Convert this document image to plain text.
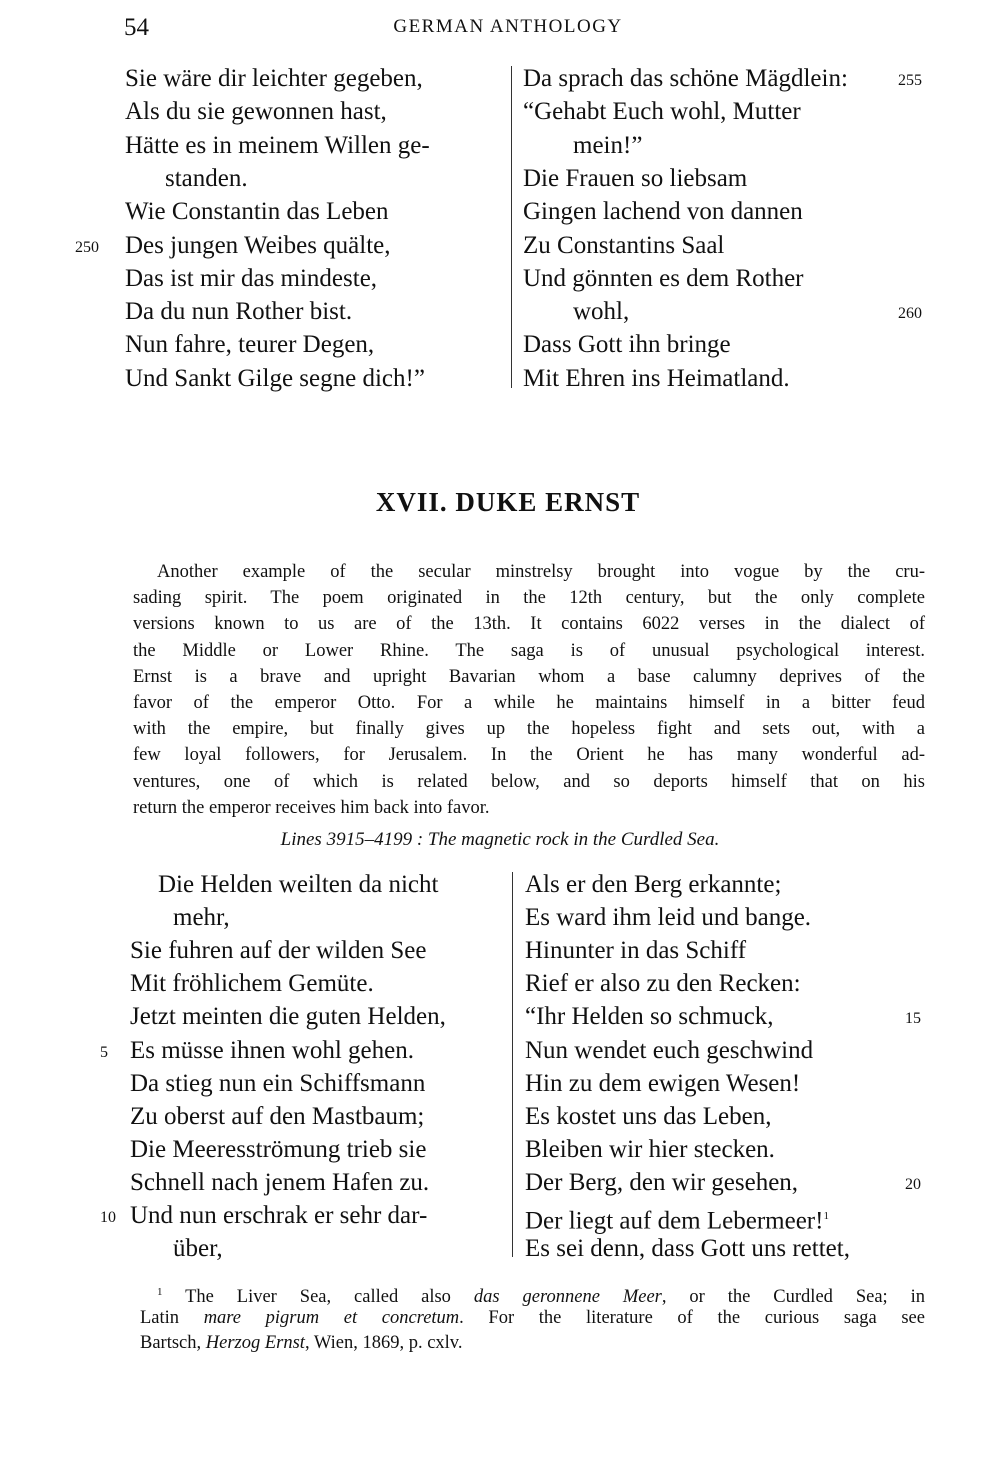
54	GERMAN ANTHOLOGY
Sie wäre dir leichter gegeben,
Als du sie gewonnen hast,
Hätte es in meinem Willen ge-
standen.
Wie Constantin das Leben
Des jungen Weibes quälte,
250
Das ist mir das mindeste,
Da du nun Rother bist.
Nun fahre, teurer Degen,
Und Sankt Gilge segne dich!”
Da sprach das schöne Mägdlein:	255
“Gehabt Euch wohl, Mutter
mein!”
Die Frauen so liebsam
Gingen lachend von dannen
Zu Constantins Saal
Und gönnten es dem Rother
wohl,	260
Dass Gott ihn bringe
Mit Ehren ins Heimatland.
XVII. DUKE ERNST
Another example of the secular minstrelsy brought into vogue by the cru-
sading spirit. The poem originated in the 12th century, but the only complete
versions known to us are of the 13th. It contains 6022 verses in the dialect of
the Middle or Lower Rhine. The saga is of unusual psychological interest.
Ernst is a brave and upright Bavarian whom a base calumny deprives of the
favor of the emperor Otto. For a while he maintains himself in a bitter feud
with the empire, but finally gives up the hopeless fight and sets out, with a
few loyal followers, for Jerusalem. In the Orient he has many wonderful ad-
ventures, one of which is related below, and so deports himself that on his
return the emperor receives him back into favor.
Lines 3915–4199 : The magnetic rock in the Curdled Sea.
Die Helden weilten da nicht
mehr,
Sie fuhren auf der wilden See
Mit fröhlichem Gemüte.
Jetzt meinten die guten Helden,
Es müsse ihnen wohl gehen.
5
Da stieg nun ein Schiffsmann
Zu oberst auf den Mastbaum;
Die Meeresströmung trieb sie
Schnell nach jenem Hafen zu.
Und nun erschrak er sehr dar-
10
über,
Als er den Berg erkannte;
Es ward ihm leid und bange.
Hinunter in das Schiff
Rief er also zu den Recken:
“Ihr Helden so schmuck,	15
Nun wendet euch geschwind
Hin zu dem ewigen Wesen!
Es kostet uns das Leben,
Bleiben wir hier stecken.
Der Berg, den wir gesehen,	20
Der liegt auf dem Lebermeer!$^1$
Es sei denn, dass Gott uns rettet,
$^1$ The Liver Sea, called also das geronnene Meer, or the Curdled Sea; in
Latin mare pigrum et concretum. For the literature of the curious saga see
Bartsch, Herzog Ernst, Wien, 1869, p. cxlv.
